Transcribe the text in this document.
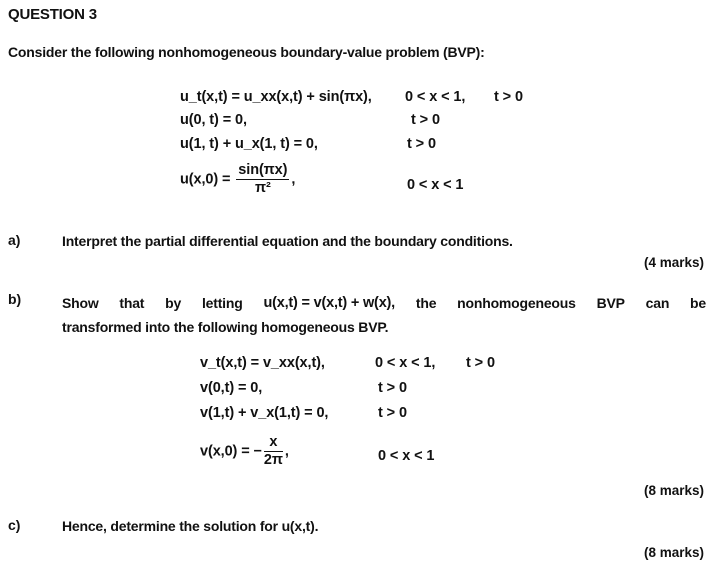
QUESTION 3
Consider the following nonhomogeneous boundary-value problem (BVP):
u_t(x,t) = u_xx(x,t) + sin(πx), 0 < x < 1, t > 0
u(0, t) = 0,	t > 0
u(1, t) + u_x(1, t) = 0,	t > 0
$u(x,0) = \frac{\sin(\pi x)}{\text{π²}}$ ,	0 < x < 1
a)	Interpret the partial differential equation and the boundary conditions.
(4 marks)
b)	Show that by letting u(x,t) = v(x,t) + w(x), the nonhomogeneous BVP can be
transformed into the following homogeneous BVP.
v_t(x,t) = v_xx(x,t),	0 < x < 1, t > 0
v(0,t) = 0,	t > 0
v(1,t) + v_x(1,t) = 0,	t > 0
v(x,0) = − $\frac{x}{2\pi}$ ,	0 < x < 1
(8 marks)
c)	Hence, determine the solution for u(x,t).
(8 marks)
